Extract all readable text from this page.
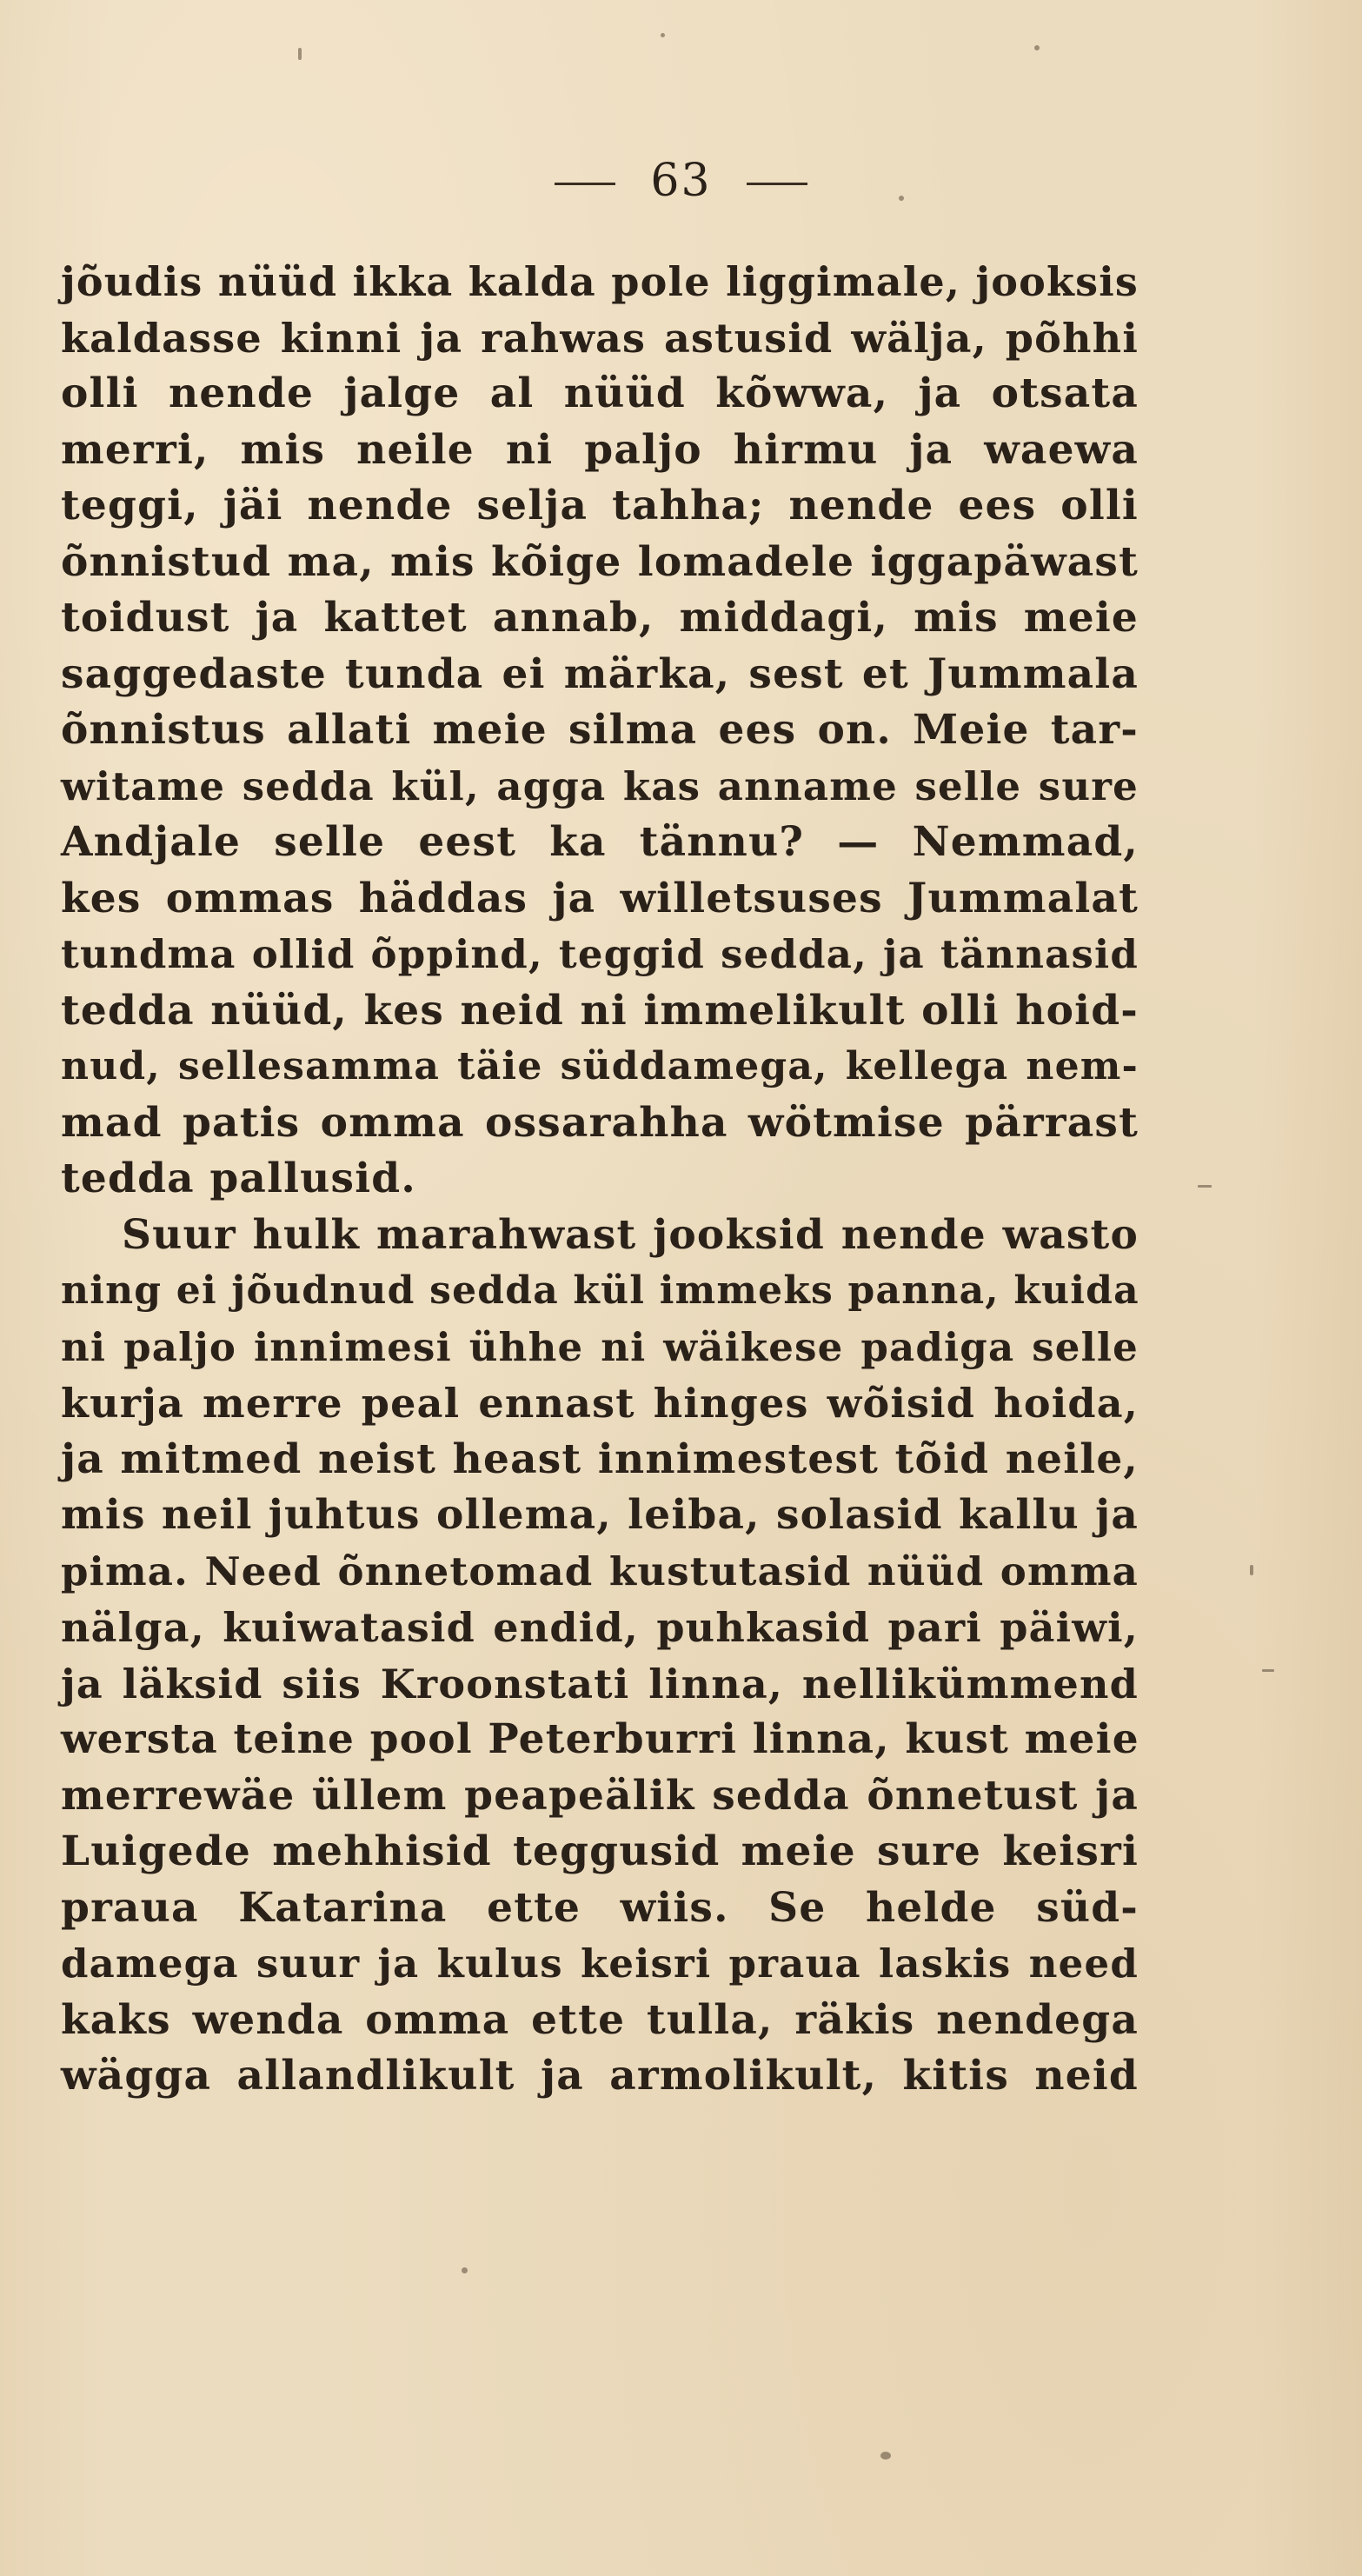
63
jõudis nüüd ikka kalda pole liggimale, jooksis
kaldasse kinni ja rahwas astusid wälja, põhhi
olli nende jalge al nüüd kõwwa, ja otsata
merri, mis neile ni paljo hirmu ja waewa
teggi, jäi nende selja tahha; nende ees olli
õnnistud ma, mis kõige lomadele iggapäwast
toidust ja kattet annab, middagi, mis meie
saggedaste tunda ei märka, sest et Jummala
õnnistus allati meie silma ees on. Meie tar-
witame sedda kül, agga kas anname selle sure
Andjale selle eest ka tännu? — Nemmad,
kes ommas häddas ja willetsuses Jummalat
tundma ollid õppind, teggid sedda, ja tännasid
tedda nüüd, kes neid ni immelikult olli hoid-
nud, sellesamma täie süddamega, kellega nem-
mad patis omma ossarahha wötmise pärrast
tedda pallusid.
Suur hulk marahwast jooksid nende wasto
ning ei jõudnud sedda kül immeks panna, kuida
ni paljo innimesi ühhe ni wäikese padiga selle
kurja merre peal ennast hinges wõisid hoida,
ja mitmed neist heast innimestest tõid neile,
mis neil juhtus ollema, leiba, solasid kallu ja
pima. Need õnnetomad kustutasid nüüd omma
nälga, kuiwatasid endid, puhkasid pari päiwi,
ja läksid siis Kroonstati linna, nellikümmend
wersta teine pool Peterburri linna, kust meie
merrewäe üllem peapeälik sedda õnnetust ja
Luigede mehhisid teggusid meie sure keisri
praua Katarina ette wiis. Se helde süd-
damega suur ja kulus keisri praua laskis need
kaks wenda omma ette tulla, räkis nendega
wägga allandlikult ja armolikult, kitis neid
